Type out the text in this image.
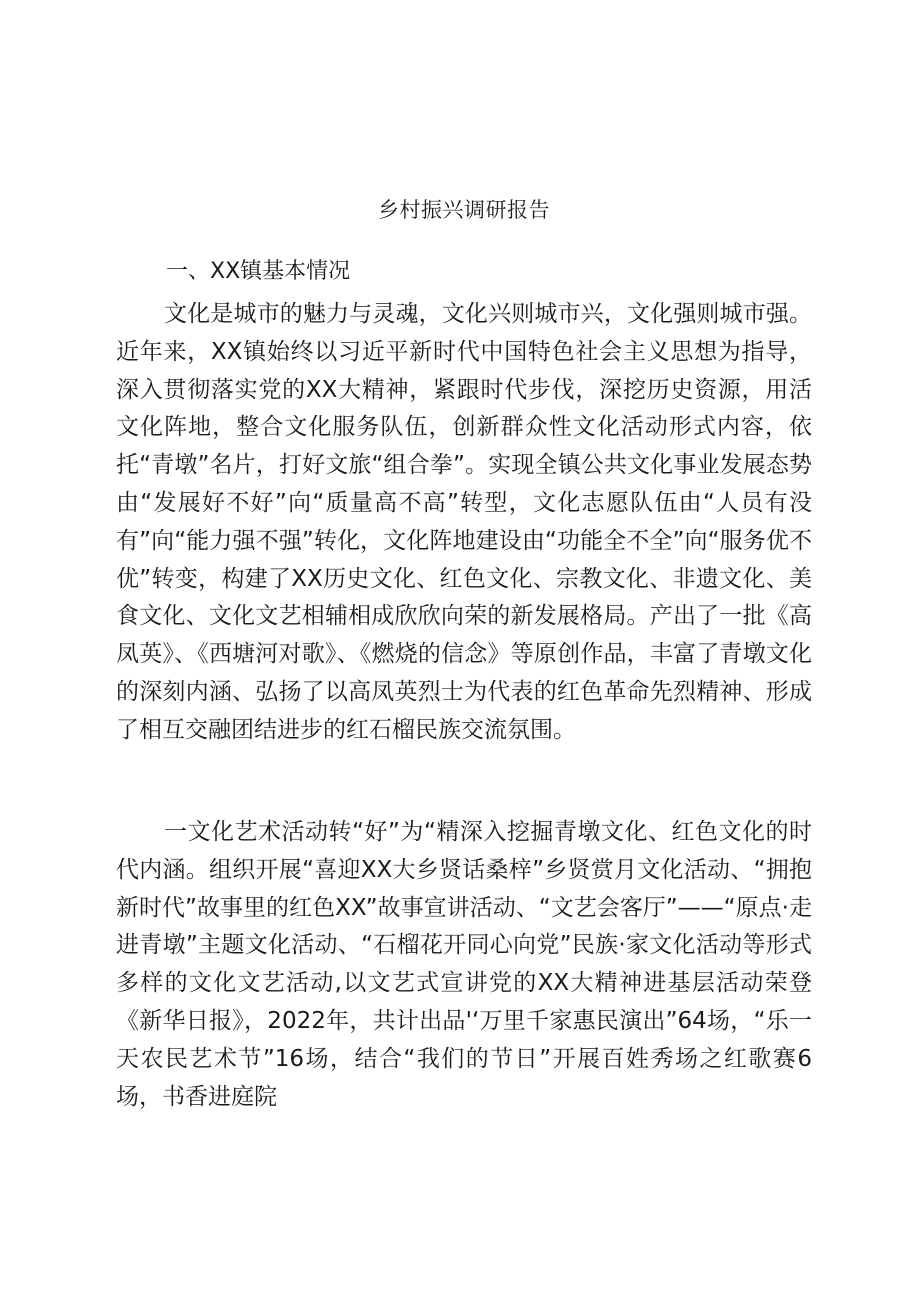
乡村振兴调研报告
一、XX镇基本情况

文化是城市的魅力与灵魂，文化兴则城市兴，文化强则城市强。近年来，XX镇始终以习近平新时代中国特色社会主义思想为指导，深入贯彻落实党的XX大精神，紧跟时代步伐，深挖历史资源，用活文化阵地，整合文化服务队伍，创新群众性文化活动形式内容，依托“青墩”名片，打好文旅“组合拳”。实现全镇公共文化事业发展态势由“发展好不好”向“质量高不高”转型，文化志愿队伍由“人员有没有”向“能力强不强”转化，文化阵地建设由“功能全不全”向“服务优不优”转变，构建了XX历史文化、红色文化、宗教文化、非遗文化、美食文化、文化文艺相辅相成欣欣向荣的新发展格局。产出了一批《高凤英》、《西塘河对歌》、《燃烧的信念》等原创作品，丰富了青墩文化的深刻内涵、弘扬了以高凤英烈士为代表的红色革命先烈精神、形成了相互交融团结进步的红石榴民族交流氛围。

一文化艺术活动转“好”为“精深入挖掘青墩文化、红色文化的时代内涵。组织开展“喜迎XX大乡贤话桑梓”乡贤赏月文化活动、“拥抱新时代”故事里的红色XX”故事宣讲活动、“文艺会客厅”——“原点·走进青墩”主题文化活动、“石榴花开同心向党”民族·家文化活动等形式多样的文化文艺活动,以文艺式宣讲党的XX大精神进基层活动荣登《新华日报》，2022年，共计出品'‘万里千家惠民演出”64场，“乐一天农民艺术节”16场，结合“我们的节日”开展百姓秀场之红歌赛6场，书香进庭院
